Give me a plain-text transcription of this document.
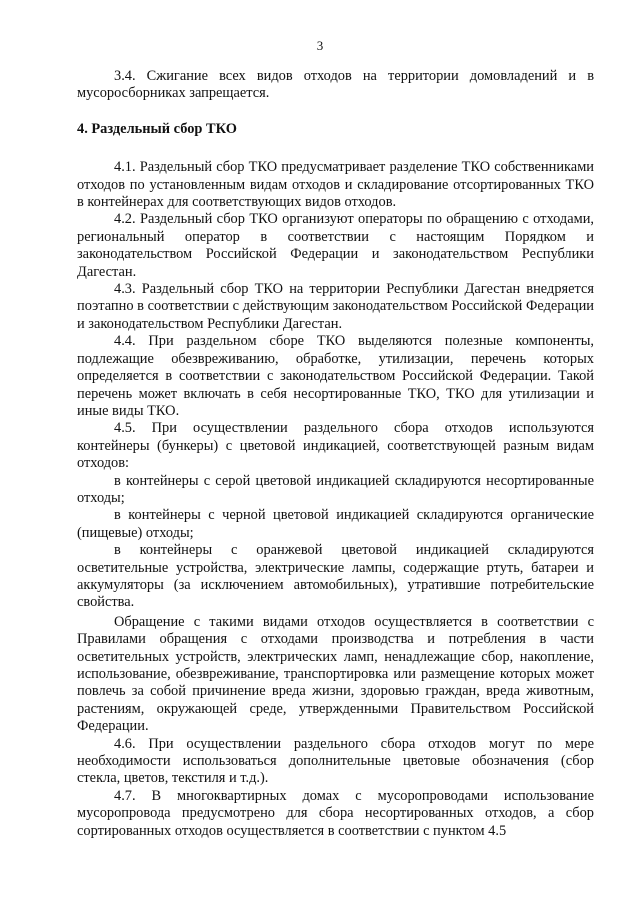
3

3.4. Сжигание всех видов отходов на территории домовладений и в мусоросборниках запрещается.

4. Раздельный сбор ТКО

4.1. Раздельный сбор ТКО предусматривает разделение ТКО собственниками отходов по установленным видам отходов и складирование отсортированных ТКО в контейнерах для соответствующих видов отходов.

4.2. Раздельный сбор ТКО организуют операторы по обращению с отходами, региональный оператор в соответствии с настоящим Порядком и законодательством Российской Федерации и законодательством Республики Дагестан.

4.3. Раздельный сбор ТКО на территории Республики Дагестан внедряется поэтапно в соответствии с действующим законодательством Российской Федерации и законодательством Республики Дагестан.

4.4. При раздельном сборе ТКО выделяются полезные компоненты, подлежащие обезвреживанию, обработке, утилизации, перечень которых определяется в соответствии с законодательством Российской Федерации. Такой перечень может включать в себя несортированные ТКО, ТКО для утилизации и иные виды ТКО.

4.5. При осуществлении раздельного сбора отходов используются контейнеры (бункеры) с цветовой индикацией, соответствующей разным видам отходов:

в контейнеры с серой цветовой индикацией складируются несортированные отходы;

в контейнеры с черной цветовой индикацией складируются органические (пищевые) отходы;

в контейнеры с оранжевой цветовой индикацией складируются осветительные устройства, электрические лампы, содержащие ртуть, батареи и аккумуляторы (за исключением автомобильных), утратившие потребительские свойства.

Обращение с такими видами отходов осуществляется в соответствии с Правилами обращения с отходами производства и потребления в части осветительных устройств, электрических ламп, ненадлежащие сбор, накопление, использование, обезвреживание, транспортировка или размещение которых может повлечь за собой причинение вреда жизни, здоровью граждан, вреда животным, растениям, окружающей среде, утвержденными Правительством Российской Федерации.

4.6. При осуществлении раздельного сбора отходов могут по мере необходимости использоваться дополнительные цветовые обозначения (сбор стекла, цветов, текстиля и т.д.).

4.7. В многоквартирных домах с мусоропроводами использование мусоропровода предусмотрено для сбора несортированных отходов, а сбор сортированных отходов осуществляется в соответствии с пунктом 4.5
